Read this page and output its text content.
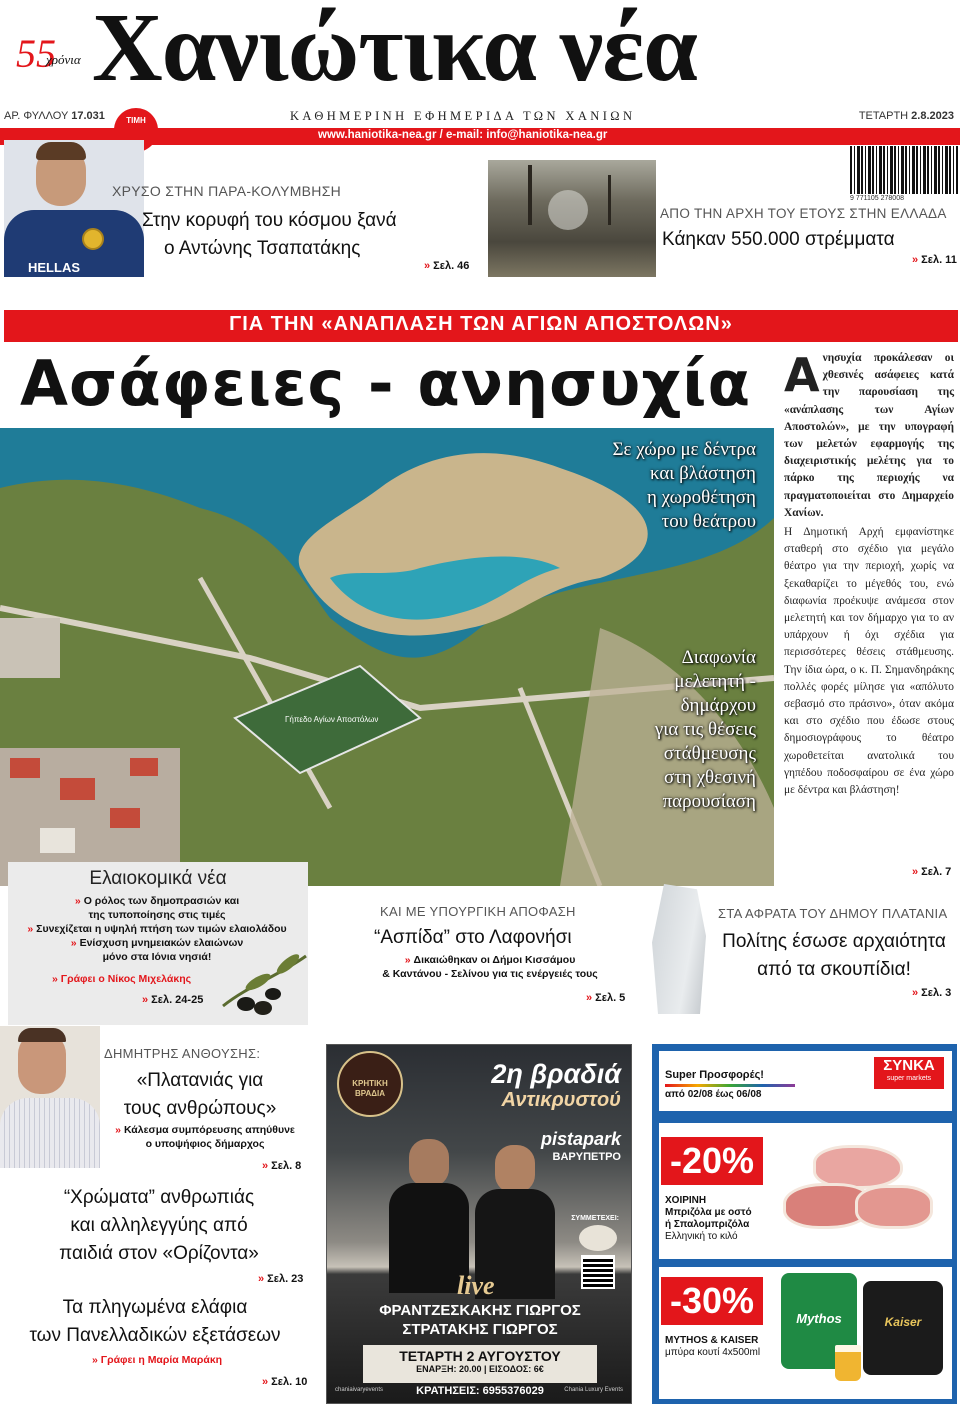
55
χρόνια Χανιώτικα νέα
ΑΡ. ΦΥΛΛΟΥ 17.031	ΤΙΜΗ	ΚΑΘΗΜΕΡΙΝΗ ΕΦΗΜΕΡΙΔΑ ΤΩΝ ΧΑΝΙΩΝ	ΤΕΤΑΡΤΗ 2.8.2023
www.haniotika-nea.gr / e-mail: info@haniotika-nea.gr
HELLAS
ΧΡΥΣΟ ΣΤΗΝ ΠΑΡΑ-ΚΟΛΥΜΒΗΣΗ
Στην κορυφή του κόσμου ξανά
ο Αντώνης Τσαπατάκης
» Σελ. 46
9 771105 278008
ΑΠΟ ΤΗΝ ΑΡΧΗ ΤΟΥ ΕΤΟΥΣ ΣΤΗΝ ΕΛΛΑΔΑ
Κάηκαν 550.000 στρέμματα
» Σελ. 11
ΓΙΑ ΤΗΝ «ΑΝΑΠΛΑΣΗ ΤΩΝ ΑΓΙΩΝ ΑΠΟΣΤΟΛΩΝ»
Ασάφειες - ανησυχία
Γήπεδο Αγίων Αποστόλων
Σε χώρο με δέντρα
και βλάστηση
η χωροθέτηση
του θεάτρου
Διαφωνία
μελετητή -
δημάρχου
για τις θέσεις
στάθμευσης
στη χθεσινή
παρουσίαση
Α νησυχία προκάλεσαν οι χθεσινές ασάφειες κατά την παρουσίαση της «ανάπλασης των Αγίων Αποστολών», με την υπογραφή των μελετών εφαρμογής της διαχειριστικής μελέτης για το πάρκο της περιοχής να πραγματοποιείται στο Δημαρχείο Χανίων.
Η Δημοτική Αρχή εμφανίστηκε σταθερή στο σχέδιο για μεγάλο θέατρο για την περιοχή, χωρίς να ξεκαθαρίζει το μέγεθός του, ενώ διαφωνία προέκυψε ανάμεσα στον μελετητή και τον δήμαρχο για το αν υπάρχουν ή όχι σχέδια για περισσότερες θέσεις στάθμευσης. Την ίδια ώρα, ο κ. Π. Σημανδηράκης πολλές φορές μίλησε για «απόλυτο σεβασμό στο πράσινο», όταν ακόμα και στο σχέδιο που έδωσε στους δημοσιογράφους το θέατρο χωροθετείται ανατολικά του γηπέδου ποδοσφαίρου σε ένα χώρο με δέντρα και βλάστηση!
» Σελ. 7
Ελαιοκομικά νέα
» Ο ρόλος των δημοπρασιών και
της τυποποίησης στις τιμές
» Συνεχίζεται η υψηλή πτήση των τιμών ελαιολάδου
» Ενίσχυση μνημειακών ελαιώνων
μόνο στα Ιόνια νησιά!
» Γράφει ο Νίκος Μιχελάκης
» Σελ. 24-25
ΚΑΙ ΜΕ ΥΠΟΥΡΓΙΚΗ ΑΠΟΦΑΣΗ
“Ασπίδα” στο Λαφονήσι
» Δικαιώθηκαν οι Δήμοι Κισσάμου
& Καντάνου - Σελίνου για τις ενέργειές τους
» Σελ. 5
ΣΤΑ ΑΦΡΑΤΑ ΤΟΥ ΔΗΜΟΥ ΠΛΑΤΑΝΙΑ
Πολίτης έσωσε αρχαιότητα
από τα σκουπίδια!
» Σελ. 3
ΔΗΜΗΤΡΗΣ ΑΝΘΟΥΣΗΣ:
«Πλατανιάς για
τους ανθρώπους»
» Κάλεσμα συμπόρευσης απηύθυνε
ο υποψήφιος δήμαρχος
» Σελ. 8
“Χρώματα” ανθρωπιάς
και αλληλεγγύης από
παιδιά στον «Ορίζοντα»
» Σελ. 23
Τα πληγωμένα ελάφια
των Πανελλαδικών εξετάσεων
» Γράφει η Μαρία Μαράκη
» Σελ. 10
ΚΡΗΤΙΚΗ ΒΡΑΔΙΑ
2η βραδιά
Αντικρυστού
pistapark
ΒΑΡΥΠΕΤΡΟ
ΣΥΜΜΕΤΕΧΕΙ:
live
ΦΡΑΝΤΖΕΣΚΑΚΗΣ ΓΙΩΡΓΟΣ
ΣΤΡΑΤΑΚΗΣ ΓΙΩΡΓΟΣ
ΤΕΤΑΡΤΗ 2 ΑΥΓΟΥΣΤΟΥ
ΕΝΑΡΞΗ: 20.00 | ΕΙΣΟΔΟΣ: 6€
ΚΡΑΤΗΣΕΙΣ: 6955376029
chaniaivaryevents	Chania Luxury Events
Super Προσφορές!
από 02/08 έως 06/08
ΣΥΝΚΑ
super markets
-20%
ΧΟΙΡΙΝΗ
Μπριζόλα με οστό
ή Σπαλομπριζόλα
Ελληνική το κιλό
-30%	Mythos	Kaiser
MYTHOS & KAISER
μπύρα κουτί 4x500ml
